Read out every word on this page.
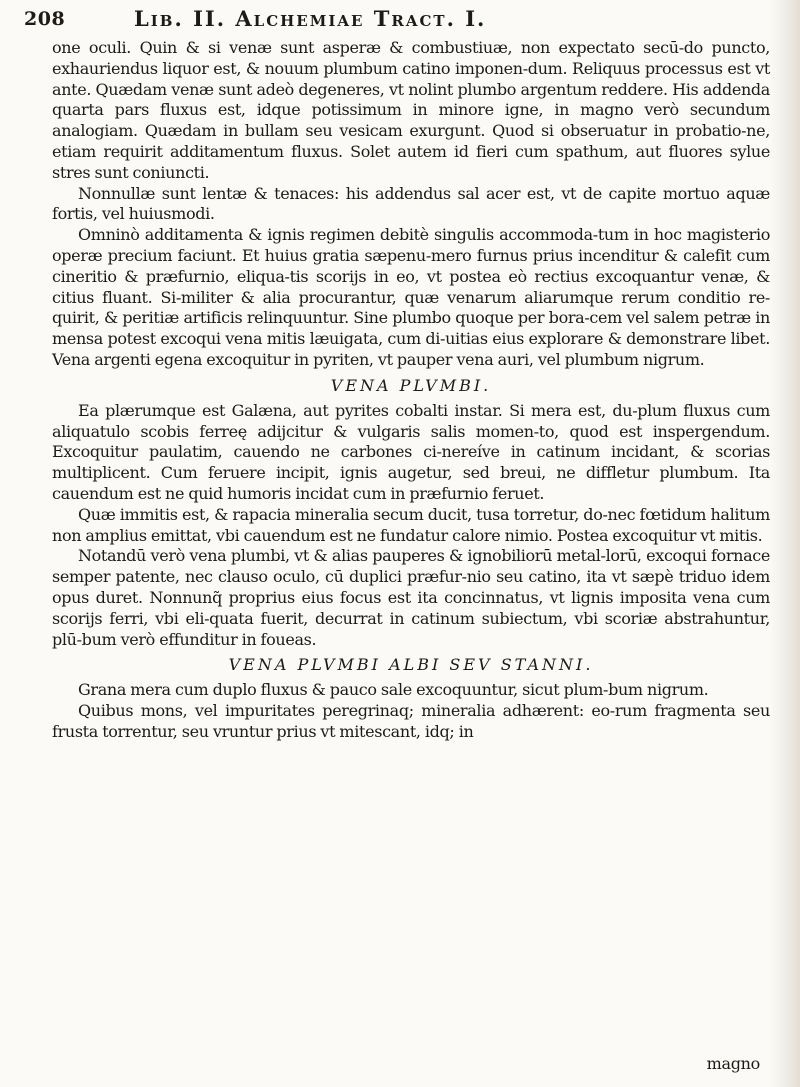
208	Lib. II. Alchemiae Tract. I.

one oculi. Quin & si venæ sunt asperæ & combustiuæ, non expectato secū-do puncto, exhauriendus liquor est, & nouum plumbum catino imponen-dum. Reliquus processus est vt ante. Quædam venæ sunt adeò degeneres, vt nolint plumbo argentum reddere. His addenda quarta pars fluxus est, idque potissimum in minore igne, in magno verò secundum analogiam. Quædam in bullam seu vesicam exurgunt. Quod si obseruatur in probatio-ne, etiam requirit additamentum fluxus. Solet autem id fieri cum spathum, aut fluores sylue stres sunt coniuncti.

Nonnullæ sunt lentæ & tenaces: his addendus sal acer est, vt de capite mortuo aquæ fortis, vel huiusmodi.

Omninò additamenta & ignis regimen debitè singulis accommoda-tum in hoc magisterio operæ precium faciunt. Et huius gratia sæpenu-mero furnus prius incenditur & calefit cum cineritio & præfurnio, eliqua-tis scorijs in eo, vt postea eò rectius excoquantur venæ, & citius fluant. Si-militer & alia procurantur, quæ venarum aliarumque rerum conditio re-quirit, & peritiæ artificis relinquuntur. Sine plumbo quoque per bora-cem vel salem petræ in mensa potest excoqui vena mitis læuigata, cum di-uitias eius explorare & demonstrare libet. Vena argenti egena excoquitur in pyriten, vt pauper vena auri, vel plumbum nigrum.

VENA PLVMBI.

Ea plærumque est Galæna, aut pyrites cobalti instar. Si mera est, du-plum fluxus cum aliquatulo scobis ferreę adijcitur & vulgaris salis momen-to, quod est inspergendum. Excoquitur paulatim, cauendo ne carbones ci-nereíve in catinum incidant, & scorias multiplicent. Cum feruere incipit, ignis augetur, sed breui, ne diffletur plumbum. Ita cauendum est ne quid humoris incidat cum in præfurnio feruet.

Quæ immitis est, & rapacia mineralia secum ducit, tusa torretur, do-nec fœtidum halitum non amplius emittat, vbi cauendum est ne fundatur calore nimio. Postea excoquitur vt mitis.

Notandū verò vena plumbi, vt & alias pauperes & ignobiliorū metal-lorū, excoqui fornace semper patente, nec clauso oculo, cū duplici præfur-nio seu catino, ita vt sæpè triduo idem opus duret. Nonnunq̃ proprius eius focus est ita concinnatus, vt lignis imposita vena cum scorijs ferri, vbi eli-quata fuerit, decurrat in catinum subiectum, vbi scoriæ abstrahuntur, plū-bum verò effunditur in foueas.

VENA PLVMBI ALBI SEV STANNI.

Grana mera cum duplo fluxus & pauco sale excoquuntur, sicut plum-bum nigrum.

Quibus mons, vel impuritates peregrinaq; mineralia adhærent: eo-rum fragmenta seu frusta torrentur, seu vruntur prius vt mitescant, idq; in

magno
